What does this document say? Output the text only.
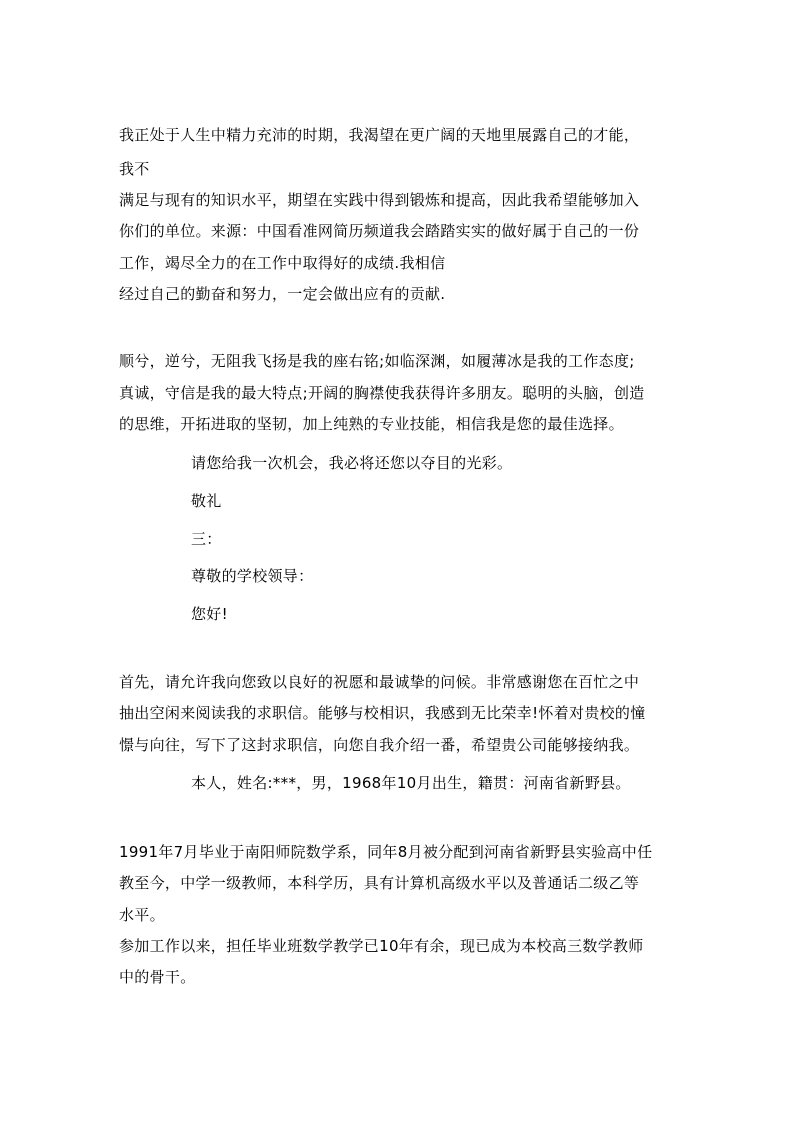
我正处于人生中精力充沛的时期，我渴望在更广阔的天地里展露自己的才能，
我不
满足与现有的知识水平，期望在实践中得到锻炼和提高，因此我希望能够加入
你们的单位。来源：中国看准网简历频道我会踏踏实实的做好属于自己的一份
工作，竭尽全力的在工作中取得好的成绩.我相信
经过自己的勤奋和努力，一定会做出应有的贡献.
顺兮，逆兮，无阻我飞扬是我的座右铭;如临深渊，如履薄冰是我的工作态度;
真诚，守信是我的最大特点;开阔的胸襟使我获得许多朋友。聪明的头脑，创造
的思维，开拓进取的坚韧，加上纯熟的专业技能，相信我是您的最佳选择。
请您给我一次机会，我必将还您以夺目的光彩。
敬礼
三：
尊敬的学校领导：
您好!
首先，请允许我向您致以良好的祝愿和最诚挚的问候。非常感谢您在百忙之中
抽出空闲来阅读我的求职信。能够与校相识，我感到无比荣幸!怀着对贵校的憧
憬与向往，写下了这封求职信，向您自我介绍一番，希望贵公司能够接纳我。
本人，姓名:***，男，1968年10月出生，籍贯：河南省新野县。
1991年7月毕业于南阳师院数学系，同年8月被分配到河南省新野县实验高中任
教至今，中学一级教师，本科学历，具有计算机高级水平以及普通话二级乙等
水平。
参加工作以来，担任毕业班数学教学已10年有余，现已成为本校高三数学教师
中的骨干。
